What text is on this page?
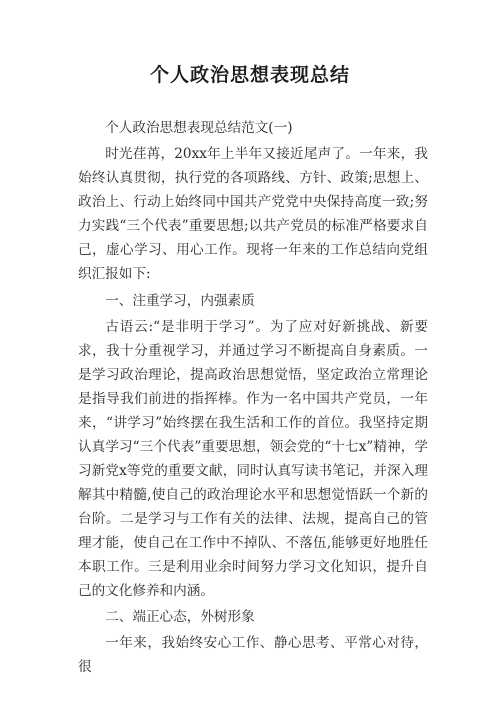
个人政治思想表现总结

个人政治思想表现总结范文(一)

时光荏苒，20xx年上半年又接近尾声了。一年来，我始终认真贯彻，执行党的各项路线、方针、政策;思想上、政治上、行动上始终同中国共产党党中央保持高度一致;努力实践“三个代表”重要思想;以共产党员的标准严格要求自己，虚心学习、用心工作。现将一年来的工作总结向党组织汇报如下:

一、注重学习，内强素质

古语云:“是非明于学习”。为了应对好新挑战、新要求，我十分重视学习，并通过学习不断提高自身素质。一是学习政治理论，提高政治思想觉悟，坚定政治立常理论是指导我们前进的指挥棒。作为一名中国共产党员，一年来，“讲学习”始终摆在我生活和工作的首位。我坚持定期认真学习“三个代表”重要思想，领会党的“十七x”精神，学习新党x等党的重要文献，同时认真写读书笔记，并深入理解其中精髓,使自己的政治理论水平和思想觉悟跃一个新的台阶。二是学习与工作有关的法律、法规，提高自己的管理才能，使自己在工作中不掉队、不落伍,能够更好地胜任本职工作。三是利用业余时间努力学习文化知识，提升自己的文化修养和内涵。

二、端正心态，外树形象

一年来，我始终安心工作、静心思考、平常心对待，很
